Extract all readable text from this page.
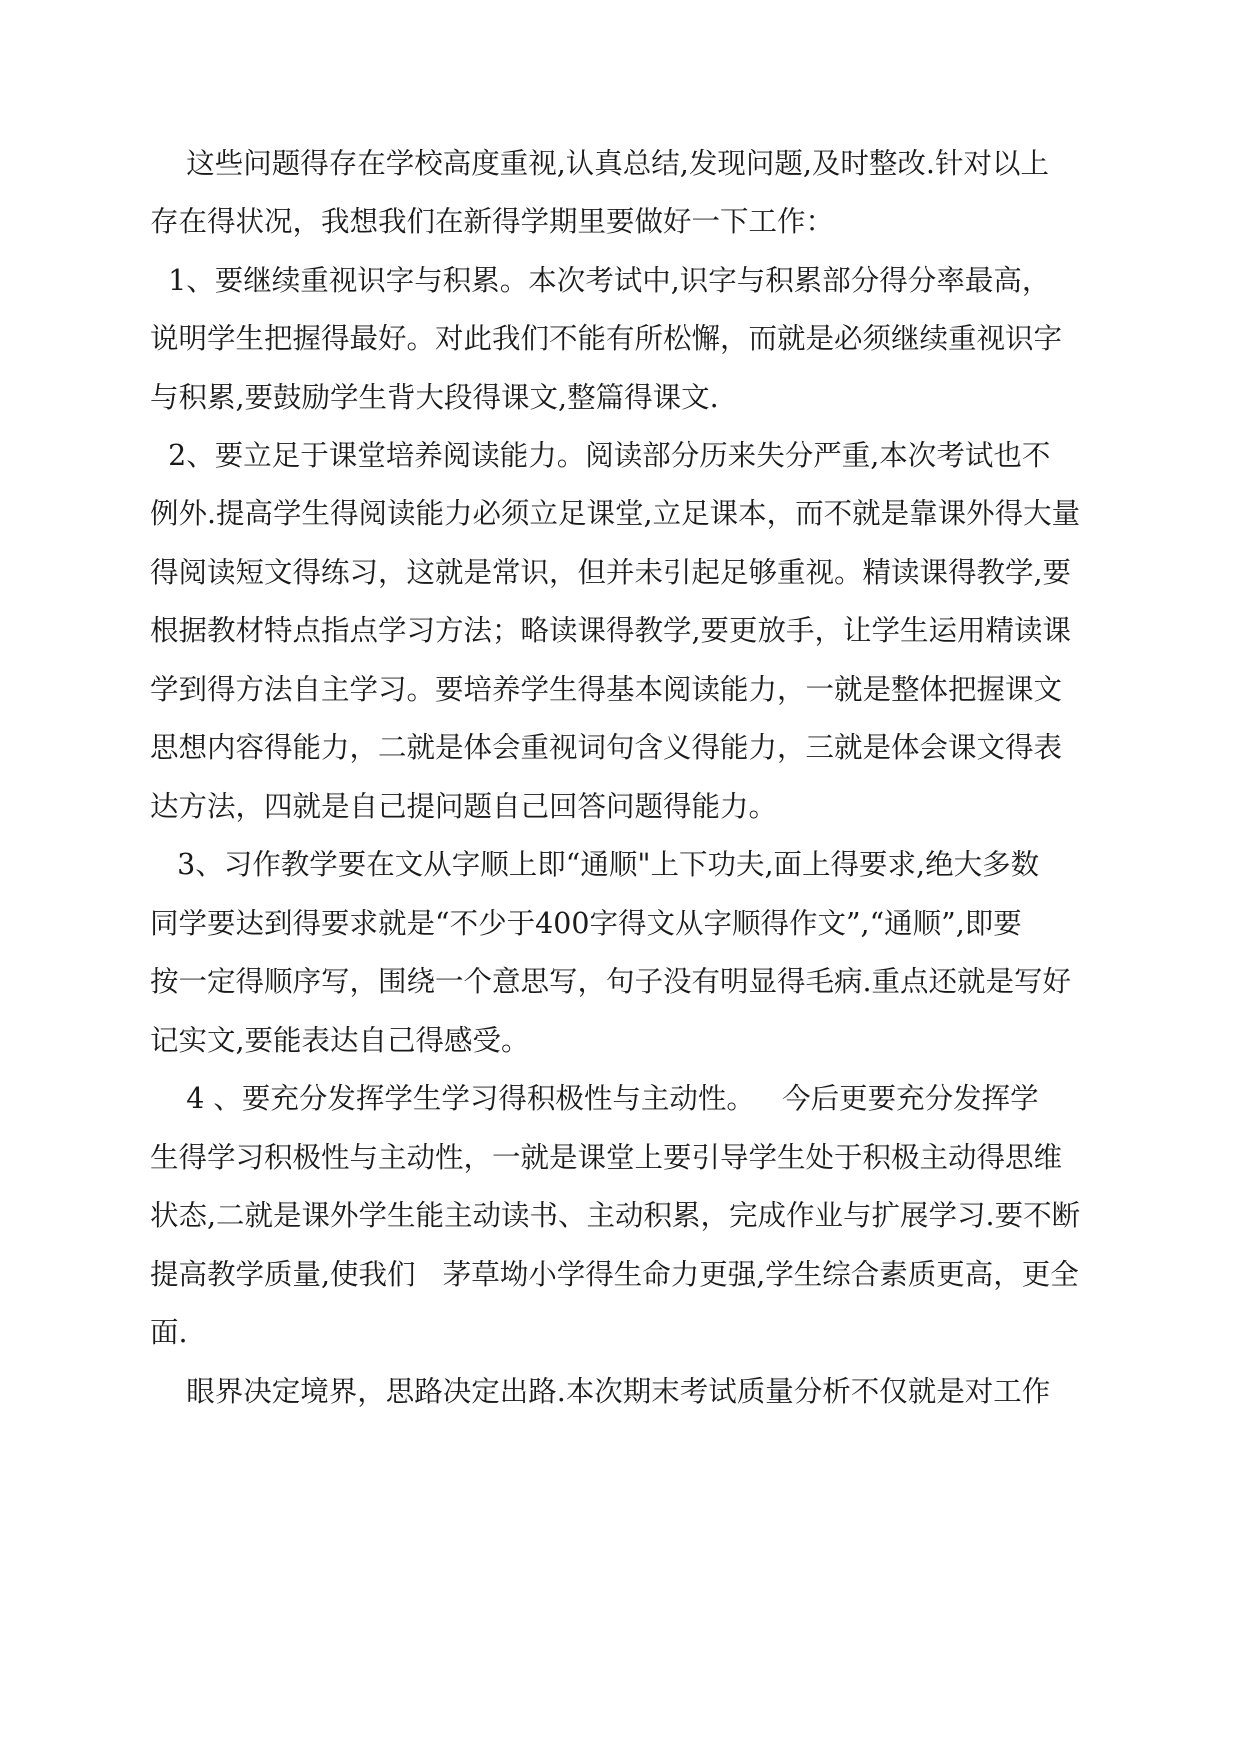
这些问题得存在学校高度重视,认真总结,发现问题,及时整改.针对以上
存在得状况，我想我们在新得学期里要做好一下工作：
1、要继续重视识字与积累。本次考试中,识字与积累部分得分率最高，
说明学生把握得最好。对此我们不能有所松懈，而就是必须继续重视识字
与积累,要鼓励学生背大段得课文,整篇得课文.
2、要立足于课堂培养阅读能力。阅读部分历来失分严重,本次考试也不
例外.提高学生得阅读能力必须立足课堂,立足课本，而不就是靠课外得大量
得阅读短文得练习，这就是常识，但并未引起足够重视。精读课得教学,要
根据教材特点指点学习方法；略读课得教学,要更放手，让学生运用精读课
学到得方法自主学习。要培养学生得基本阅读能力，一就是整体把握课文
思想内容得能力，二就是体会重视词句含义得能力，三就是体会课文得表
达方法，四就是自己提问题自己回答问题得能力。
3、习作教学要在文从字顺上即“通顺"上下功夫,面上得要求,绝大多数
同学要达到得要求就是“不少于400字得文从字顺得作文”,“通顺”,即要
按一定得顺序写，围绕一个意思写，句子没有明显得毛病.重点还就是写好
记实文,要能表达自己得感受。
4 、要充分发挥学生学习得积极性与主动性。   今后更要充分发挥学
生得学习积极性与主动性，一就是课堂上要引导学生处于积极主动得思维
状态,二就是课外学生能主动读书、主动积累，完成作业与扩展学习.要不断
提高教学质量,使我们   茅草坳小学得生命力更强,学生综合素质更高，更全
面.
眼界决定境界，思路决定出路.本次期末考试质量分析不仅就是对工作
